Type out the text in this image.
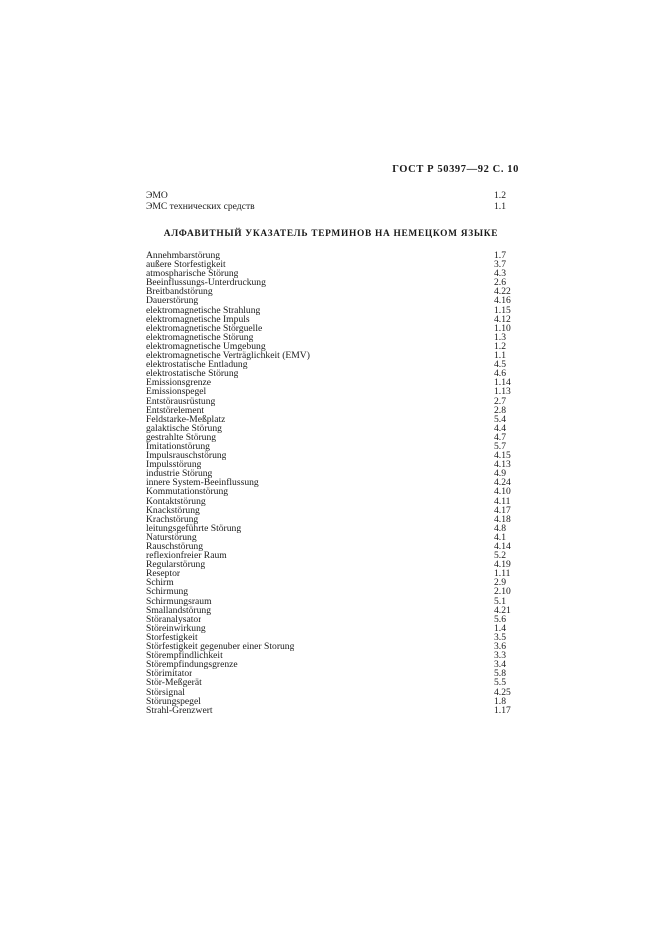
ГОСТ Р 50397—92 С. 10
ЭМО	1.2
ЭМС технических средств	1.1
АЛФАВИТНЫЙ УКАЗАТЕЛЬ ТЕРМИНОВ НА НЕМЕЦКОМ ЯЗЫКЕ
Annehmbarstörung	1.7
außere Storfestigkeit	3.7
atmospharische Störung	4.3
Beeinflussungs-Unterdruckung	2.6
Breitbandstörung	4.22
Dauerstörung	4.16
elektromagnetische Strahlung	1.15
elektromagnetische Impuls	4.12
elektromagnetische Störguelle	1.10
elektromagnetische Störung	1.3
elektromagnetische Umgebung	1.2
elektromagnetische Verträglichkeit (EMV)	1.1
elektrostatische Entladung	4.5
elektrostatische Störung	4.6
Emissionsgrenze	1.14
Emissionspegel	1.13
Entstörausrüstung	2.7
Entstörelement	2.8
Feldstarke-Meßplatz	5.4
galaktische Störung	4.4
gestrahlte Störung	4.7
Imitationstörung	5.7
Impulsrauschstörung	4.15
Impulsstörung	4.13
industrie Störung	4.9
innere System-Beeinflussung	4.24
Kommutationstörung	4.10
Kontaktstörung	4.11
Knackstörung	4.17
Krachstörung	4.18
leitungsgeführte Störung	4.8
Naturstörung	4.1
Rauschstörung	4.14
reflexionfreier Raum	5.2
Regularstörung	4.19
Reseptor	1.11
Schirm	2.9
Schirmung	2.10
Schirmungsraum	5.1
Smallandstörung	4.21
Störanalysator	5.6
Störeinwirkung	1.4
Storfestigkeit	3.5
Störfestigkeit gegenuber einer Storung	3.6
Störempfindlichkeit	3.3
Störempfindungsgrenze	3.4
Störimitator	5.8
Stör-Meßgerät	5.5
Störsignal	4.25
Störungspegel	1.8
Strahl-Grenzwert	1.17
